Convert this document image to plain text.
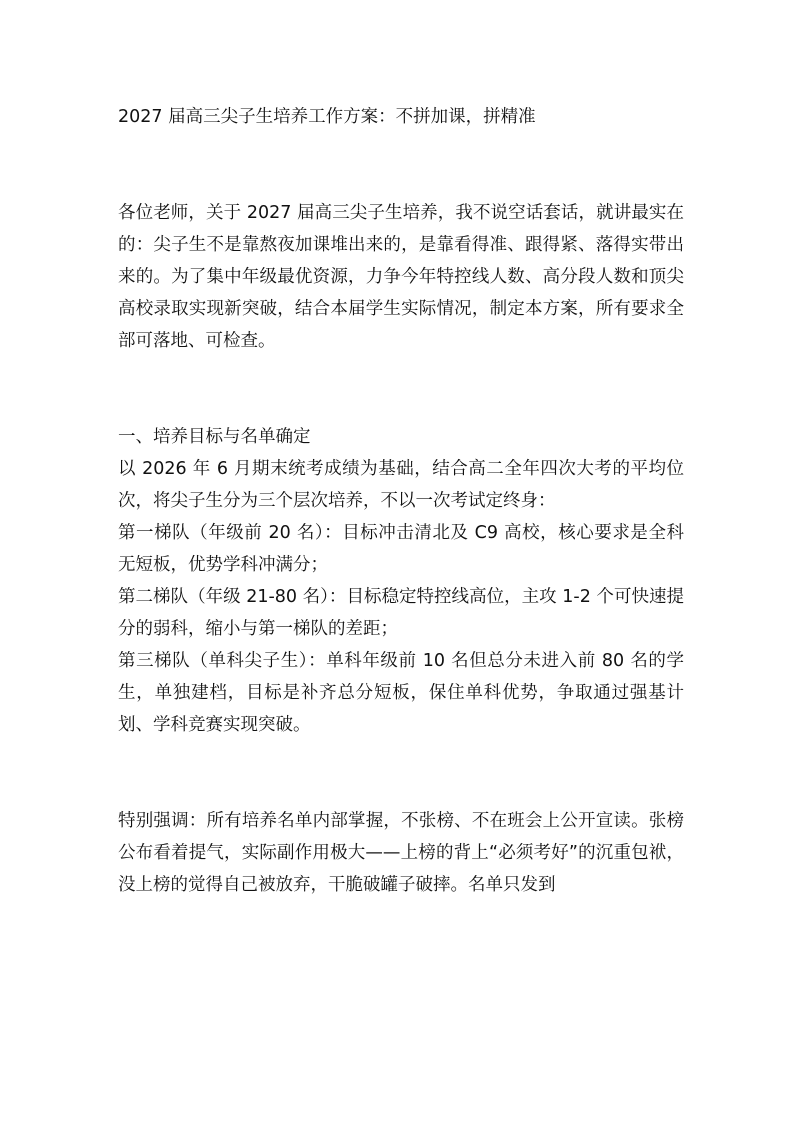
2027 届高三尖子生培养工作方案：不拼加课，拼精准

各位老师，关于 2027 届高三尖子生培养，我不说空话套话，就讲最实在的：尖子生不是靠熬夜加课堆出来的，是靠看得准、跟得紧、落得实带出来的。为了集中年级最优资源，力争今年特控线人数、高分段人数和顶尖高校录取实现新突破，结合本届学生实际情况，制定本方案，所有要求全部可落地、可检查。

一、培养目标与名单确定

以 2026 年 6 月期末统考成绩为基础，结合高二全年四次大考的平均位次，将尖子生分为三个层次培养，不以一次考试定终身：

第一梯队（年级前 20 名）：目标冲击清北及 C9 高校，核心要求是全科无短板，优势学科冲满分；

第二梯队（年级 21-80 名）：目标稳定特控线高位，主攻 1-2 个可快速提分的弱科，缩小与第一梯队的差距；

第三梯队（单科尖子生）：单科年级前 10 名但总分未进入前 80 名的学生，单独建档，目标是补齐总分短板，保住单科优势，争取通过强基计划、学科竞赛实现突破。

特别强调：所有培养名单内部掌握，不张榜、不在班会上公开宣读。张榜公布看着提气，实际副作用极大——上榜的背上“必须考好”的沉重包袱，没上榜的觉得自己被放弃，干脆破罐子破摔。名单只发到
